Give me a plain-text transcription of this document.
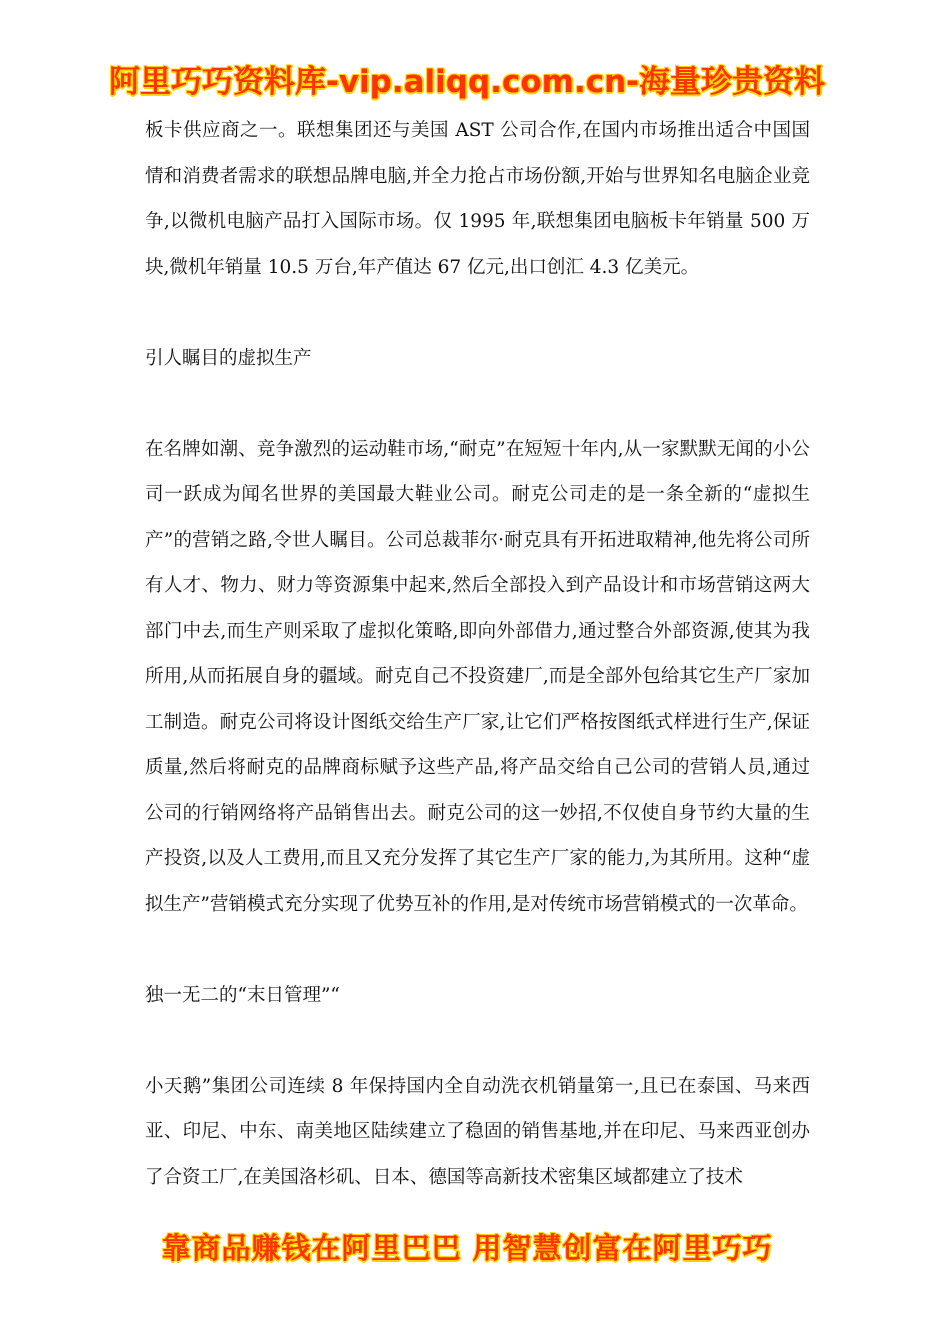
阿里巧巧资料库-vip.aliqq.com.cn-海量珍贵资料

板卡供应商之一。联想集团还与美国 AST 公司合作,在国内市场推出适合中国国情和消费者需求的联想品牌电脑,并全力抢占市场份额,开始与世界知名电脑企业竞争,以微机电脑产品打入国际市场。仅 1995 年,联想集团电脑板卡年销量 500 万块,微机年销量 10.5 万台,年产值达 67 亿元,出口创汇 4.3 亿美元。

引人瞩目的虚拟生产

在名牌如潮、竞争激烈的运动鞋市场,“耐克”在短短十年内,从一家默默无闻的小公司一跃成为闻名世界的美国最大鞋业公司。耐克公司走的是一条全新的“虚拟生产”的营销之路,令世人瞩目。公司总裁菲尔·耐克具有开拓进取精神,他先将公司所有人才、物力、财力等资源集中起来,然后全部投入到产品设计和市场营销这两大部门中去,而生产则采取了虚拟化策略,即向外部借力,通过整合外部资源,使其为我所用,从而拓展自身的疆域。耐克自己不投资建厂,而是全部外包给其它生产厂家加工制造。耐克公司将设计图纸交给生产厂家,让它们严格按图纸式样进行生产,保证质量,然后将耐克的品牌商标赋予这些产品,将产品交给自己公司的营销人员,通过公司的行销网络将产品销售出去。耐克公司的这一妙招,不仅使自身节约大量的生产投资,以及人工费用,而且又充分发挥了其它生产厂家的能力,为其所用。这种“虚拟生产”营销模式充分实现了优势互补的作用,是对传统市场营销模式的一次革命。

独一无二的“末日管理”“

小天鹅”集团公司连续 8 年保持国内全自动洗衣机销量第一,且已在泰国、马来西亚、印尼、中东、南美地区陆续建立了稳固的销售基地,并在印尼、马来西亚创办了合资工厂,在美国洛杉矶、日本、德国等高新技术密集区域都建立了技术

靠商品赚钱在阿里巴巴 用智慧创富在阿里巧巧
